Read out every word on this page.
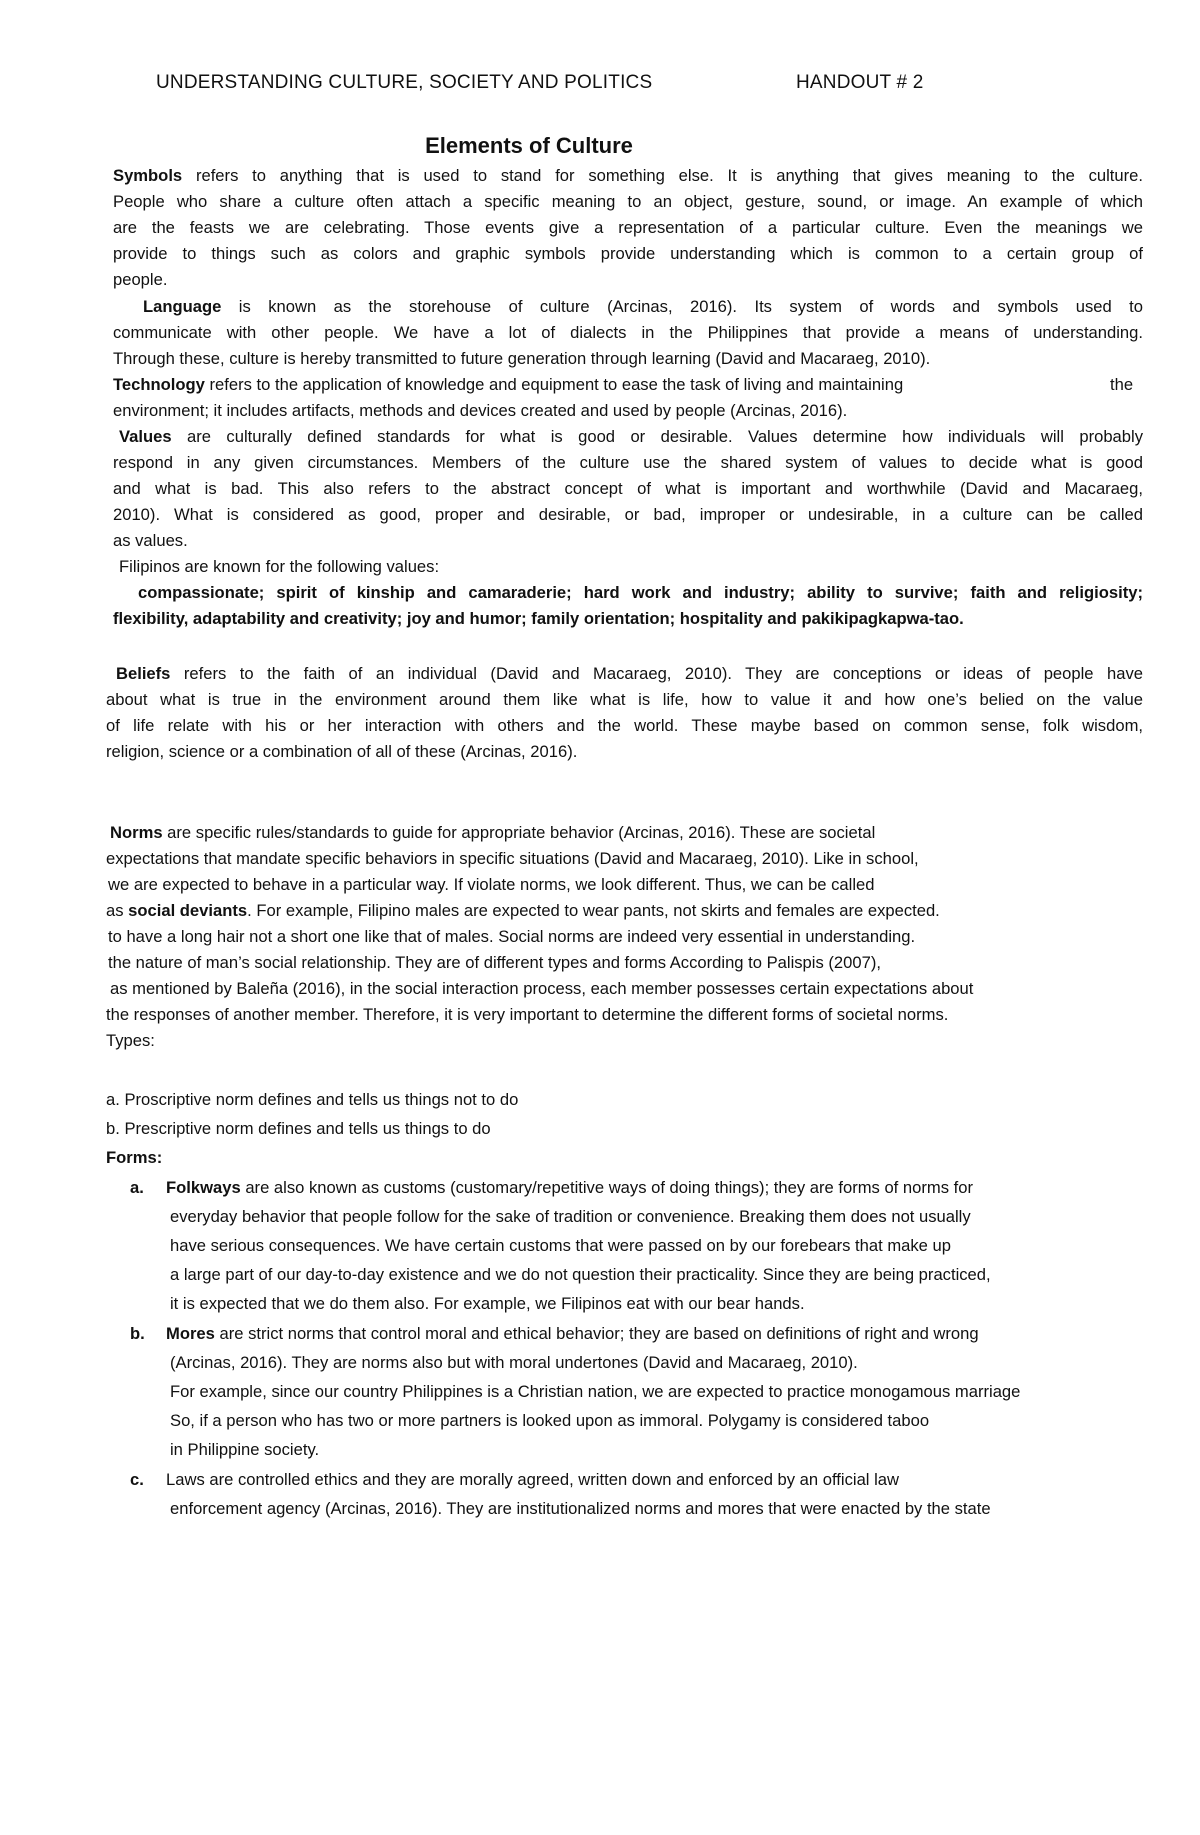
UNDERSTANDING CULTURE, SOCIETY AND POLITICS	HANDOUT # 2
Elements of Culture
Symbols refers to anything that is used to stand for something else. It is anything that gives meaning to the culture.
People who share a culture often attach a specific meaning to an object, gesture, sound, or image. An example of which
are the feasts we are celebrating. Those events give a representation of a particular culture. Even the meanings we
provide to things such as colors and graphic symbols provide understanding which is common to a certain group of
people.
Language is known as the storehouse of culture (Arcinas, 2016). Its system of words and symbols used to
communicate with other people. We have a lot of dialects in the Philippines that provide a means of understanding.
Through these, culture is hereby transmitted to future generation through learning (David and Macaraeg, 2010).
Technology refers to the application of knowledge and equipment to ease the task of living and maintaining	the
environment; it includes artifacts, methods and devices created and used by people (Arcinas, 2016).
Values are culturally defined standards for what is good or desirable. Values determine how individuals will probably
respond in any given circumstances. Members of the culture use the shared system of values to decide what is good
and what is bad. This also refers to the abstract concept of what is important and worthwhile (David and Macaraeg,
2010). What is considered as good, proper and desirable, or bad, improper or undesirable, in a culture can be called
as values.
Filipinos are known for the following values:
compassionate; spirit of kinship and camaraderie; hard work and industry; ability to survive; faith and religiosity;
flexibility, adaptability and creativity; joy and humor; family orientation; hospitality and pakikipagkapwa-tao.
Beliefs refers to the faith of an individual (David and Macaraeg, 2010). They are conceptions or ideas of people have
about what is true in the environment around them like what is life, how to value it and how one’s belied on the value
of life relate with his or her interaction with others and the world. These maybe based on common sense, folk wisdom,
religion, science or a combination of all of these (Arcinas, 2016).
Norms are specific rules/standards to guide for appropriate behavior (Arcinas, 2016). These are societal
expectations that mandate specific behaviors in specific situations (David and Macaraeg, 2010). Like in school,
we are expected to behave in a particular way. If violate norms, we look different. Thus, we can be called
as social deviants. For example, Filipino males are expected to wear pants, not skirts and females are expected.
to have a long hair not a short one like that of males. Social norms are indeed very essential in understanding.
the nature of man’s social relationship. They are of different types and forms According to Palispis (2007),
as mentioned by Baleña (2016), in the social interaction process, each member possesses certain expectations about
the responses of another member. Therefore, it is very important to determine the different forms of societal norms.
Types:
a. Proscriptive norm defines and tells us things not to do
b. Prescriptive norm defines and tells us things to do
Forms:
a. Folkways are also known as customs (customary/repetitive ways of doing things); they are forms of norms for
everyday behavior that people follow for the sake of tradition or convenience. Breaking them does not usually
have serious consequences. We have certain customs that were passed on by our forebears that make up
a large part of our day-to-day existence and we do not question their practicality. Since they are being practiced,
it is expected that we do them also. For example, we Filipinos eat with our bear hands.
b. Mores are strict norms that control moral and ethical behavior; they are based on definitions of right and wrong
(Arcinas, 2016). They are norms also but with moral undertones (David and Macaraeg, 2010).
For example, since our country Philippines is a Christian nation, we are expected to practice monogamous marriage
So, if a person who has two or more partners is looked upon as immoral. Polygamy is considered taboo
in Philippine society.
c. Laws are controlled ethics and they are morally agreed, written down and enforced by an official law
enforcement agency (Arcinas, 2016). They are institutionalized norms and mores that were enacted by the state
